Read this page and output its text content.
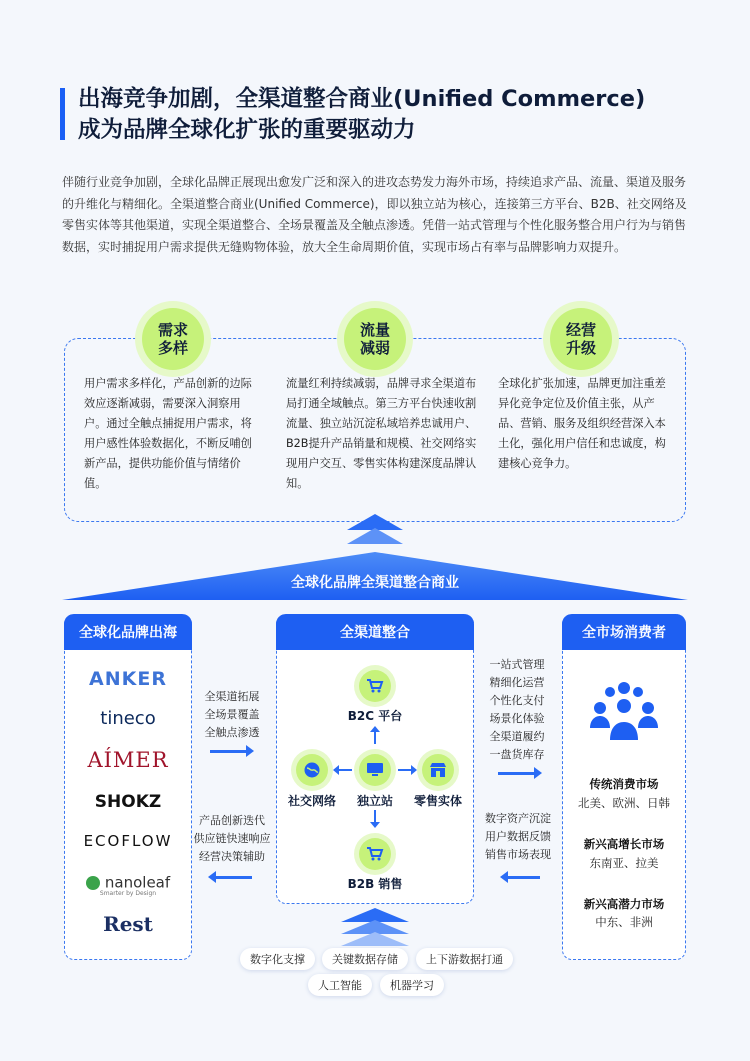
出海竞争加剧，全渠道整合商业(Unified Commerce)
成为品牌全球化扩张的重要驱动力

伴随行业竞争加剧，全球化品牌正展现出愈发广泛和深入的进攻态势发力海外市场，持续追求产品、流量、渠道及服务的升维化与精细化。全渠道整合商业(Unified Commerce)，即以独立站为核心，连接第三方平台、B2B、社交网络及零售实体等其他渠道，实现全渠道整合、全场景覆盖及全触点渗透。凭借一站式管理与个性化服务整合用户行为与销售数据，实时捕捉用户需求提供无缝购物体验，放大全生命周期价值，实现市场占有率与品牌影响力双提升。

需求
多样
流量
减弱
经营
升级
用户需求多样化，产品创新的边际效应逐渐减弱，需要深入洞察用户。通过全触点捕捉用户需求，将用户感性体验数据化，不断反哺创新产品，提供功能价值与情绪价值。
流量红利持续减弱，品牌寻求全渠道布局打通全域触点。第三方平台快速收割流量、独立站沉淀私域培养忠诚用户、B2B提升产品销量和规模、社交网络实现用户交互、零售实体构建深度品牌认知。
全球化扩张加速，品牌更加注重差异化竞争定位及价值主张，从产品、营销、服务及组织经营深入本土化，强化用户信任和忠诚度，构建核心竞争力。
全球化品牌全渠道整合商业
全球化品牌出海
ANKER
tineco
AÍMER
SHOKZ
ECOFLOW
nanoleaf
Smarter by Design
Rest
全渠道拓展
全场景覆盖
全触点渗透
产品创新迭代
供应链快速响应
经营决策辅助
全渠道整合
B2C 平台
独立站
社交网络	零售实体
B2B 销售
一站式管理
精细化运营
个性化支付
场景化体验
全渠道履约
一盘货库存
数字资产沉淀
用户数据反馈
销售市场表现
全市场消费者
传统消费市场
北美、欧洲、日韩
新兴高增长市场
东南亚、拉美
新兴高潜力市场
中东、非洲
数字化支撑	关键数据存储	上下游数据打通
人工智能	机器学习
